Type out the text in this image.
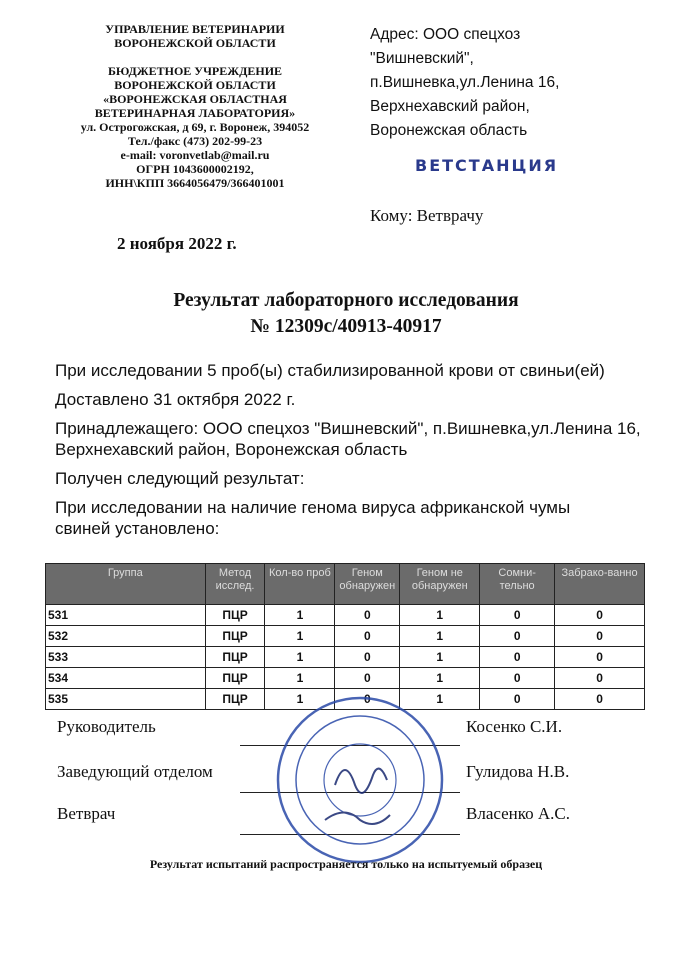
УПРАВЛЕНИЕ ВЕТЕРИНАРИИ
ВОРОНЕЖСКОЙ ОБЛАСТИ
БЮДЖЕТНОЕ УЧРЕЖДЕНИЕ
ВОРОНЕЖСКОЙ ОБЛАСТИ
«ВОРОНЕЖСКАЯ ОБЛАСТНАЯ
ВЕТЕРИНАРНАЯ ЛАБОРАТОРИЯ»
ул. Острогожская, д 69, г. Воронеж, 394052
Тел./факс (473) 202-99-23
e-mail: voronvetlab@mail.ru
ОГРН 1043600002192,
ИНН\КПП 3664056479/366401001
Адрес: ООО спецхоз
"Вишневский",
п.Вишневка,ул.Ленина 16,
Верхнехавский район,
Воронежская область
ВЕТСТАНЦИЯ
Кому: Ветврачу
2 ноября 2022 г.
Результат лабораторного исследования
№ 12309с/40913-40917

При исследовании 5 проб(ы) стабилизированной крови от свиньи(ей)

Доставлено 31 октября 2022 г.

Принадлежащего: ООО спецхоз "Вишневский", п.Вишневка,ул.Ленина 16, Верхнехавский район, Воронежская область

Получен следующий результат:

При исследовании на наличие генома вируса африканской чумы свиней установлено:

Группа	Метод исслед.	Кол-во проб	Геном обнаружен	Геном не обнаружен	Сомни-тельно	Забрако-ванно
531	ПЦР	1	0	1	0	0
532	ПЦР	1	0	1	0	0
533	ПЦР	1	0	1	0	0
534	ПЦР	1	0	1	0	0
535	ПЦР	1	0	1	0	0
Руководитель	Косенко С.И.
Заведующий отделом	Гулидова Н.В.
Ветврач	Власенко А.С.
Результат испытаний распространяется только на испытуемый образец
